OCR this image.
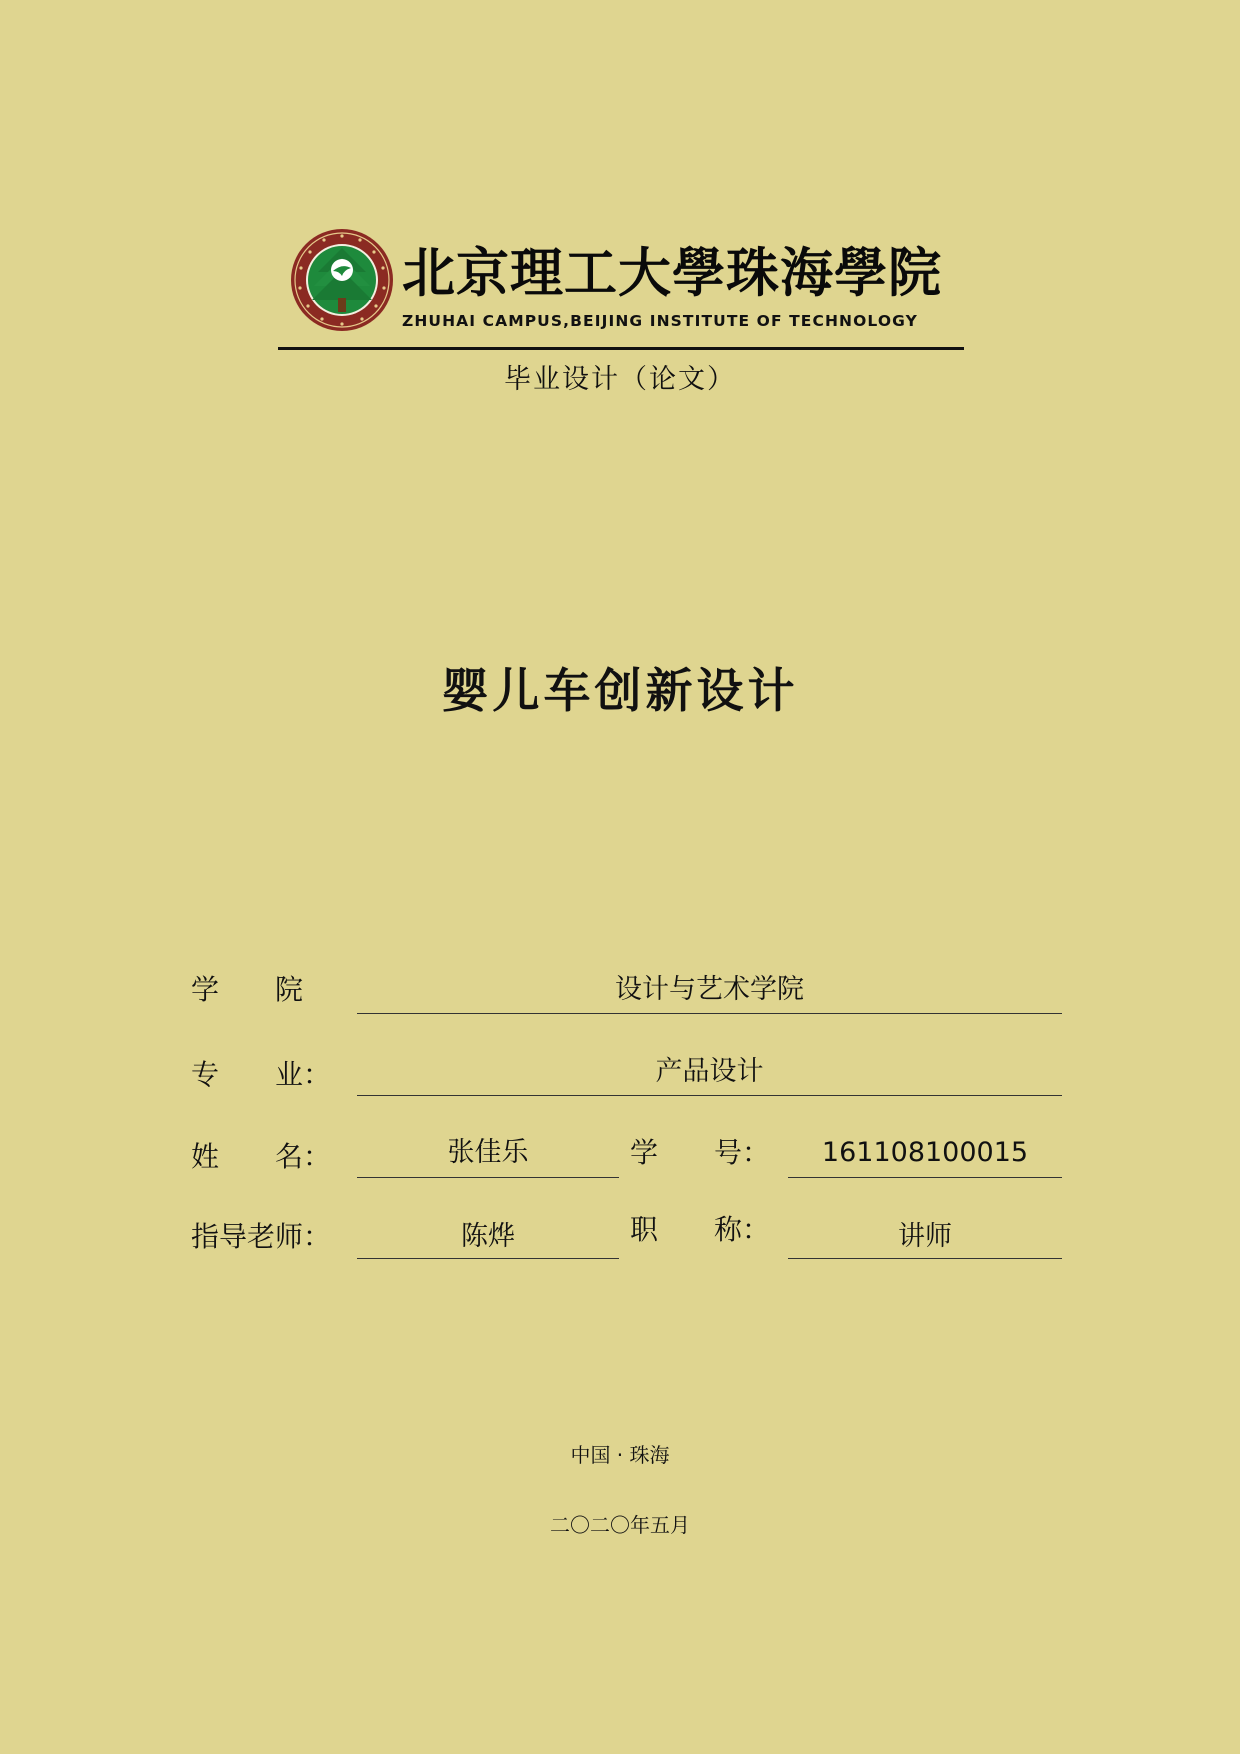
北京理工大學珠海學院
ZHUHAI CAMPUS,BEIJING INSTITUTE OF TECHNOLOGY
毕业设计（论文）
婴儿车创新设计
学　　院	设计与艺术学院
专　　业：	产品设计
姓　　名：	张佳乐	学　　号：	161108100015
指导老师：	陈烨	职　　称：	讲师
中国 · 珠海
二〇二〇年五月
